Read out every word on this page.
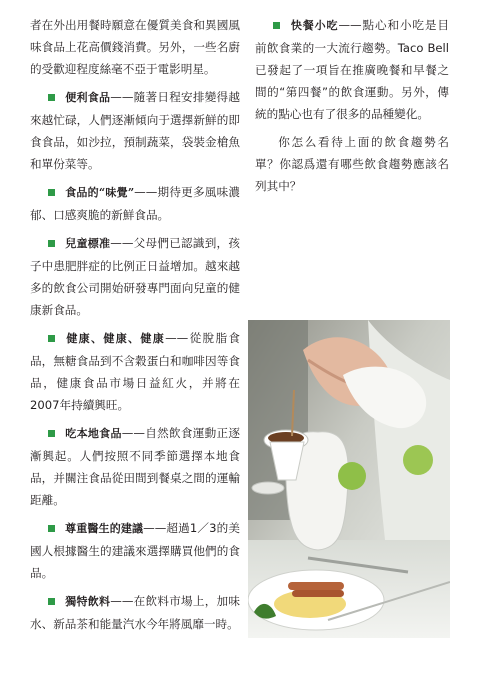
者在外出用餐時願意在優質美食和異國風味食品上花高價錢消費。另外，一些名廚的受歡迎程度絲毫不亞于電影明星。

便利食品——隨著日程安排變得越來越忙碌，人們逐漸傾向于選擇新鮮的即食食品，如沙拉，預制蔬菜，袋裝金槍魚和單份菜等。

食品的“味覺”——期待更多風味濃郁、口感爽脆的新鮮食品。

兒童標准——父母們已認識到，孩子中患肥胖症的比例正日益增加。越來越多的飲食公司開始研發專門面向兒童的健康新食品。

健康、健康、健康——從脫脂食品，無糖食品到不含穀蛋白和咖啡因等食品，健康食品市場日益紅火，并將在2007年持續興旺。

吃本地食品——自然飲食運動正逐漸興起。人們按照不同季節選擇本地食品，并關注食品從田間到餐桌之間的運輸距離。

尊重醫生的建議——超過1／3的美國人根據醫生的建議來選擇購買他們的食品。

獨特飲料——在飲料市場上，加味水、新品茶和能量汽水今年將風靡一時。

快餐小吃——點心和小吃是目前飲食業的一大流行趨勢。Taco Bell已發起了一項旨在推廣晚餐和早餐之間的“第四餐”的飲食運動。另外，傳統的點心也有了很多的品種變化。

你怎么看待上面的飲食趨勢名單？你認爲還有哪些飲食趨勢應該名列其中？
